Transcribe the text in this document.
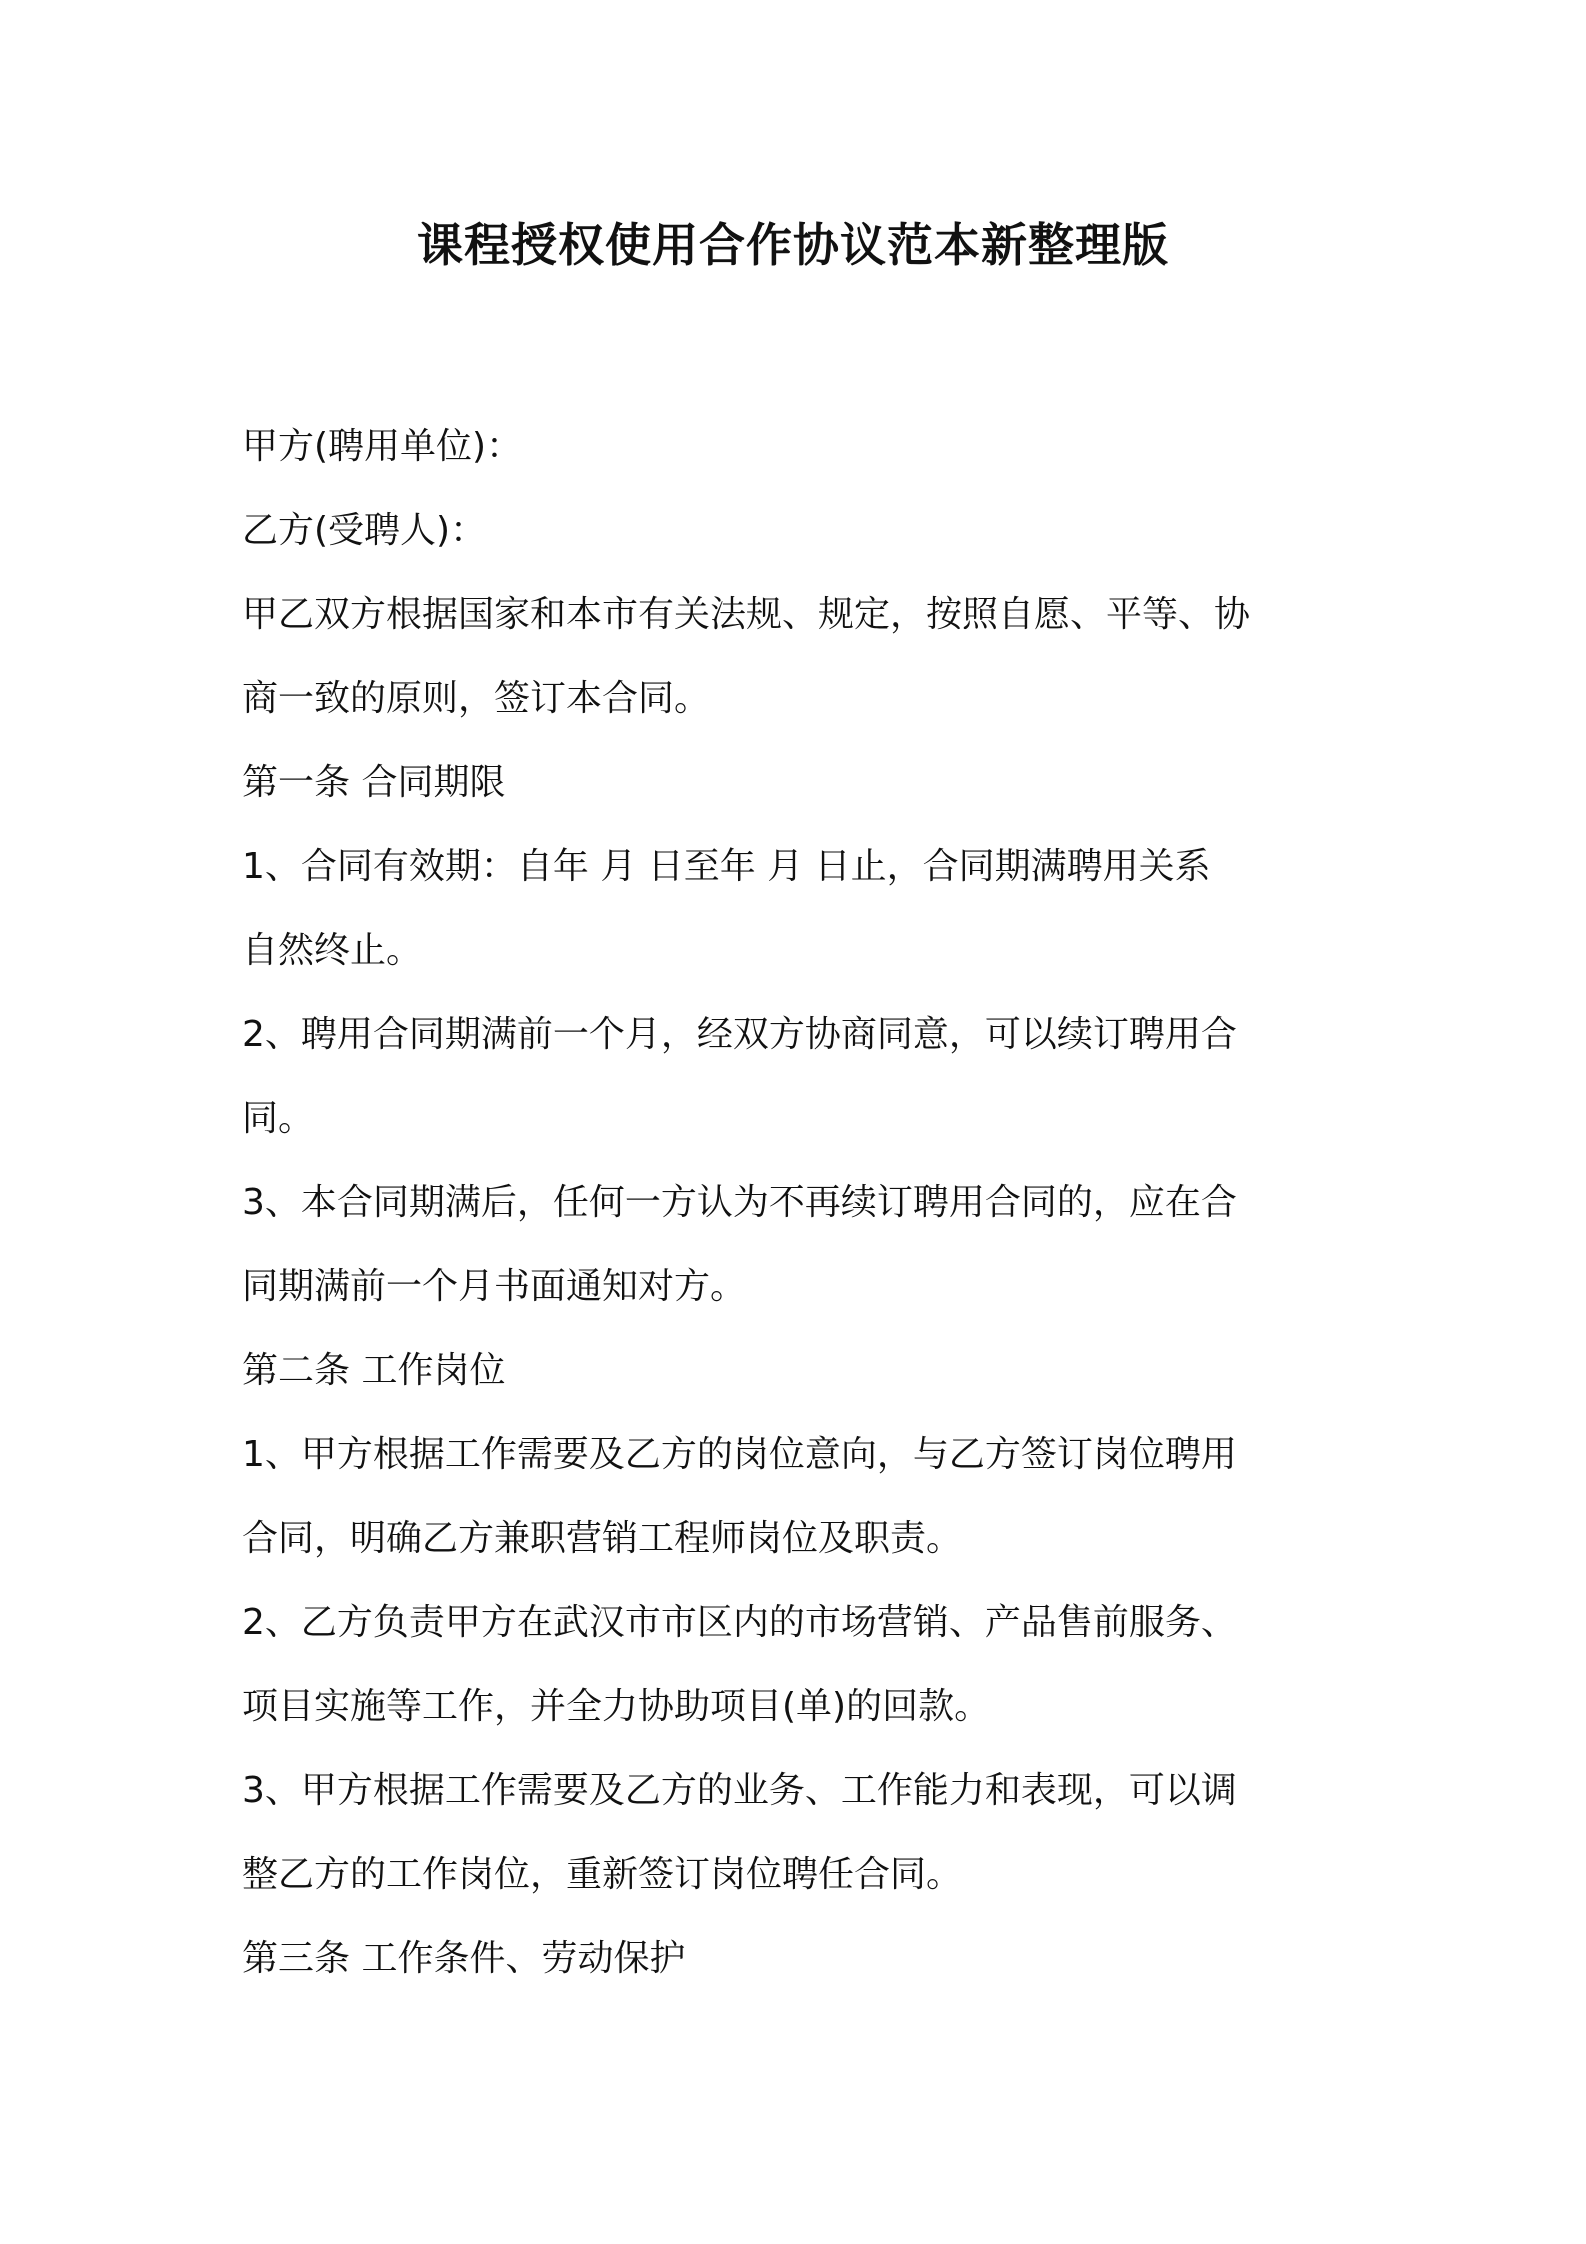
课程授权使用合作协议范本新整理版

甲方(聘用单位)：

乙方(受聘人)：

甲乙双方根据国家和本市有关法规、规定，按照自愿、平等、协

商一致的原则，签订本合同。

第一条 合同期限

1、合同有效期：自年 月 日至年 月 日止，合同期满聘用关系

自然终止。

2、聘用合同期满前一个月，经双方协商同意，可以续订聘用合

同。

3、本合同期满后，任何一方认为不再续订聘用合同的，应在合

同期满前一个月书面通知对方。

第二条 工作岗位

1、甲方根据工作需要及乙方的岗位意向，与乙方签订岗位聘用

合同，明确乙方兼职营销工程师岗位及职责。

2、乙方负责甲方在武汉市市区内的市场营销、产品售前服务、

项目实施等工作，并全力协助项目(单)的回款。

3、甲方根据工作需要及乙方的业务、工作能力和表现，可以调

整乙方的工作岗位，重新签订岗位聘任合同。

第三条 工作条件、劳动保护
